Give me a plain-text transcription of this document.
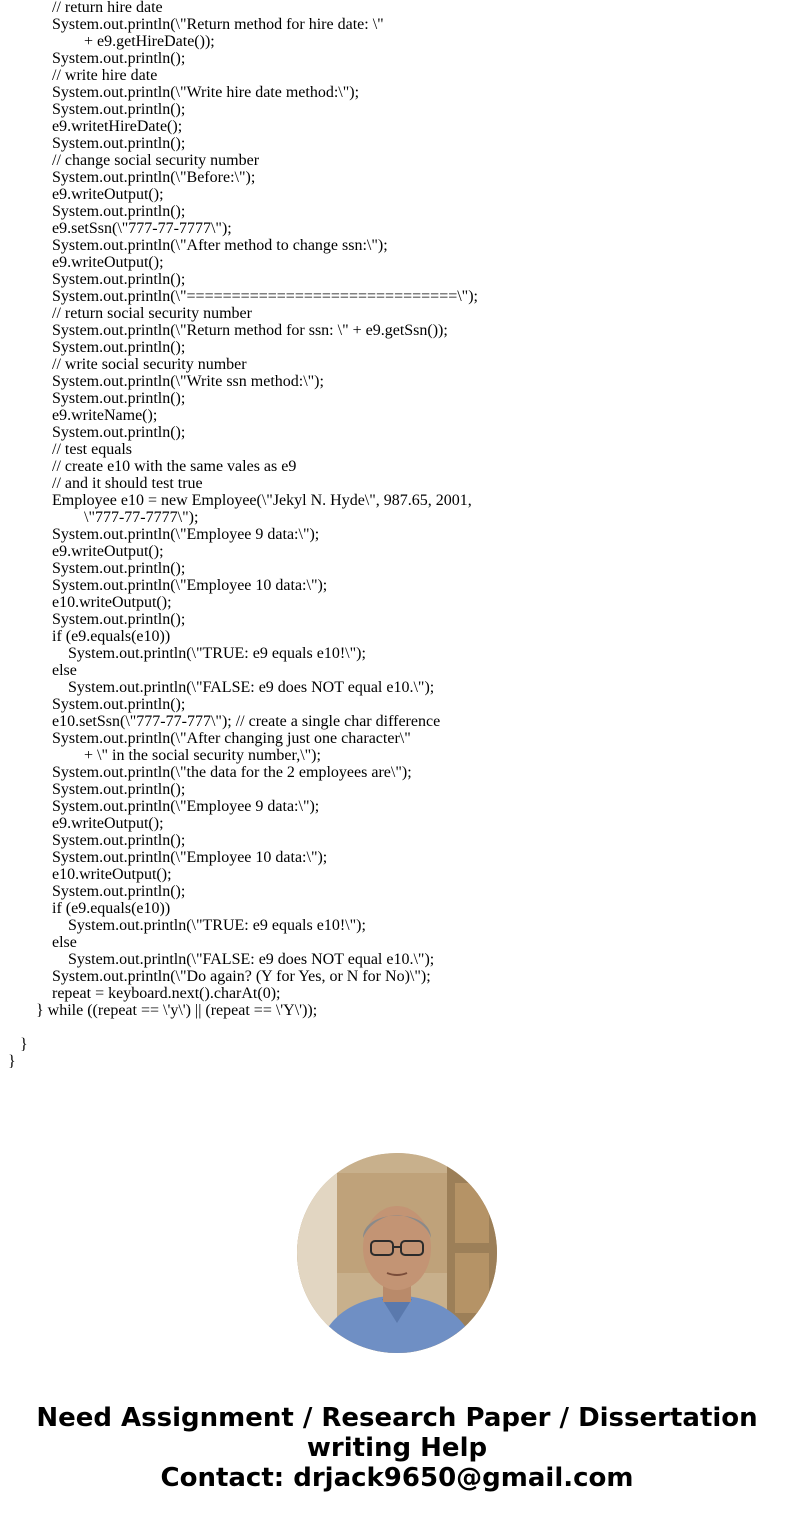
// return hire date
System.out.println(\"Return method for hire date: \"
+ e9.getHireDate());
System.out.println();
// write hire date
System.out.println(\"Write hire date method:\");
System.out.println();
e9.writetHireDate();
System.out.println();
// change social security number
System.out.println(\"Before:\");
e9.writeOutput();
System.out.println();
e9.setSsn(\"777-77-7777\");
System.out.println(\"After method to change ssn:\");
e9.writeOutput();
System.out.println();
System.out.println(\"==============================\");
// return social security number
System.out.println(\"Return method for ssn: \" + e9.getSsn());
System.out.println();
// write social security number
System.out.println(\"Write ssn method:\");
System.out.println();
e9.writeName();
System.out.println();
// test equals
// create e10 with the same vales as e9
// and it should test true
Employee e10 = new Employee(\"Jekyl N. Hyde\", 987.65, 2001,
\"777-77-7777\");
System.out.println(\"Employee 9 data:\");
e9.writeOutput();
System.out.println();
System.out.println(\"Employee 10 data:\");
e10.writeOutput();
System.out.println();
if (e9.equals(e10))
System.out.println(\"TRUE: e9 equals e10!\");
else
System.out.println(\"FALSE: e9 does NOT equal e10.\");
System.out.println();
e10.setSsn(\"777-77-777\"); // create a single char difference
System.out.println(\"After changing just one character\"
+ \" in the social security number,\");
System.out.println(\"the data for the 2 employees are\");
System.out.println();
System.out.println(\"Employee 9 data:\");
e9.writeOutput();
System.out.println();
System.out.println(\"Employee 10 data:\");
e10.writeOutput();
System.out.println();
if (e9.equals(e10))
System.out.println(\"TRUE: e9 equals e10!\");
else
System.out.println(\"FALSE: e9 does NOT equal e10.\");
System.out.println(\"Do again? (Y for Yes, or N for No)\");
repeat = keyboard.next().charAt(0);
} while ((repeat == \'y\') || (repeat == \'Y\'));
}
}
Need Assignment / Research Paper / Dissertation
writing Help
Contact: drjack9650@gmail.com
